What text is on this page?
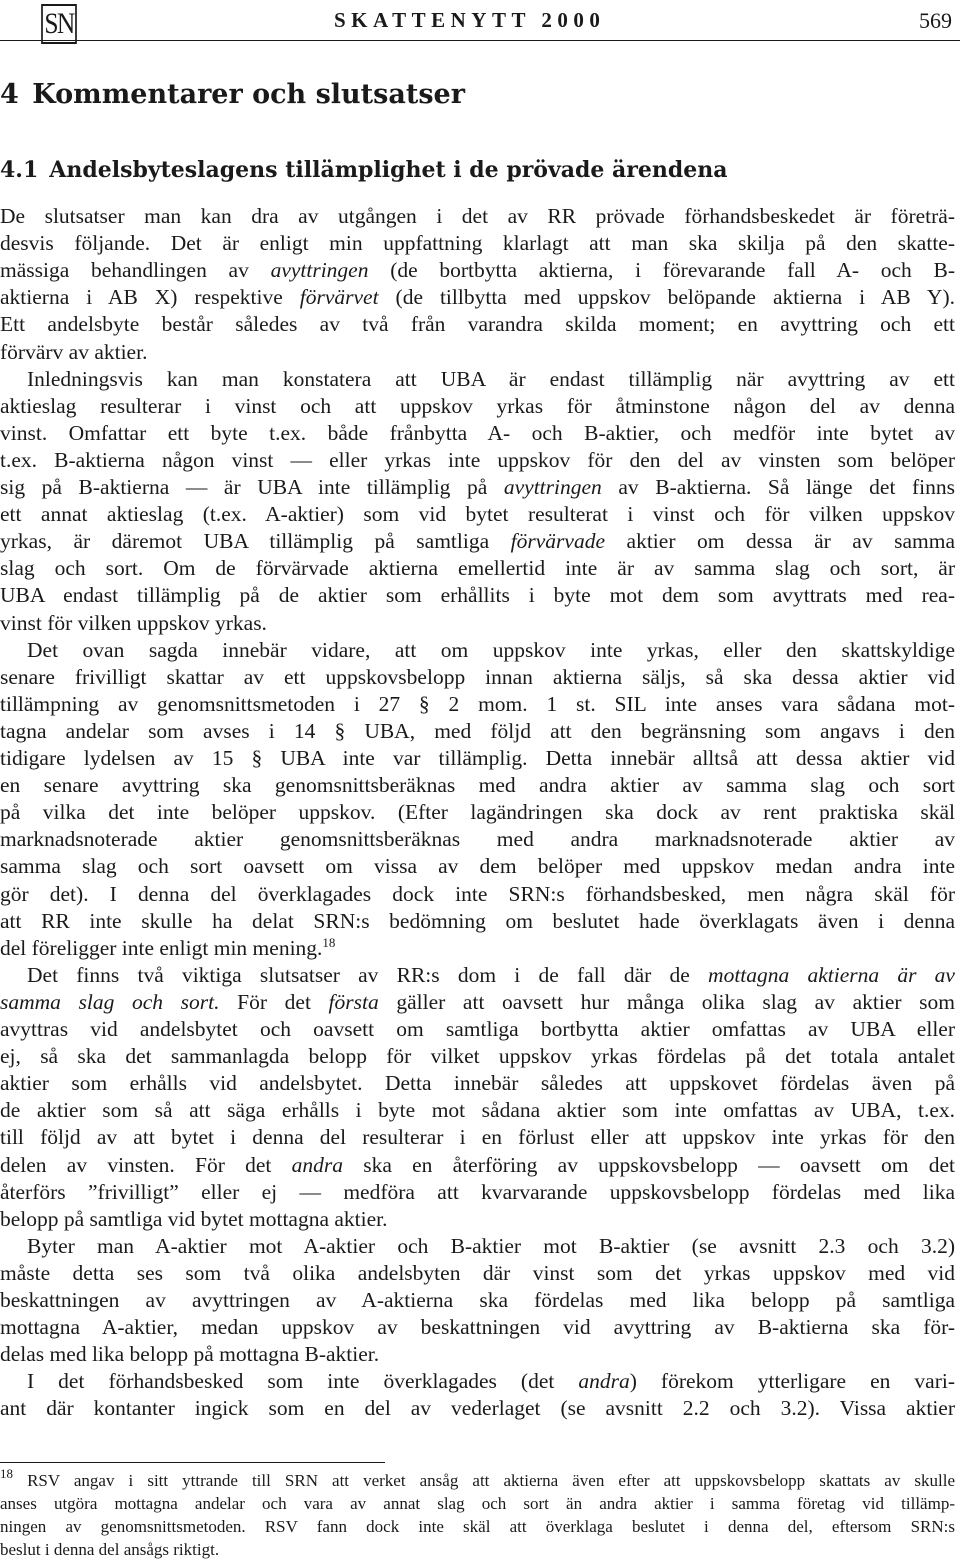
SN	SKATTENYTT 2000	569
4 Kommentarer och slutsatser
4.1 Andelsbyteslagens tillämplighet i de prövade ärendena
De slutsatser man kan dra av utgången i det av RR prövade förhandsbeskedet är företrä-
desvis följande. Det är enligt min uppfattning klarlagt att man ska skilja på den skatte-
mässiga behandlingen av avyttringen (de bortbytta aktierna, i förevarande fall A- och B-
aktierna i AB X) respektive förvärvet (de tillbytta med uppskov belöpande aktierna i AB Y).
Ett andelsbyte består således av två från varandra skilda moment; en avyttring och ett
förvärv av aktier.
Inledningsvis kan man konstatera att UBA är endast tillämplig när avyttring av ett
aktieslag resulterar i vinst och att uppskov yrkas för åtminstone någon del av denna
vinst. Omfattar ett byte t.ex. både frånbytta A- och B-aktier, och medför inte bytet av
t.ex. B-aktierna någon vinst — eller yrkas inte uppskov för den del av vinsten som belöper
sig på B-aktierna — är UBA inte tillämplig på avyttringen av B-aktierna. Så länge det finns
ett annat aktieslag (t.ex. A-aktier) som vid bytet resulterat i vinst och för vilken uppskov
yrkas, är däremot UBA tillämplig på samtliga förvärvade aktier om dessa är av samma
slag och sort. Om de förvärvade aktierna emellertid inte är av samma slag och sort, är
UBA endast tillämplig på de aktier som erhållits i byte mot dem som avyttrats med rea-
vinst för vilken uppskov yrkas.
Det ovan sagda innebär vidare, att om uppskov inte yrkas, eller den skattskyldige
senare frivilligt skattar av ett uppskovsbelopp innan aktierna säljs, så ska dessa aktier vid
tillämpning av genomsnittsmetoden i 27 § 2 mom. 1 st. SIL inte anses vara sådana mot-
tagna andelar som avses i 14 § UBA, med följd att den begränsning som angavs i den
tidigare lydelsen av 15 § UBA inte var tillämplig. Detta innebär alltså att dessa aktier vid
en senare avyttring ska genomsnittsberäknas med andra aktier av samma slag och sort
på vilka det inte belöper uppskov. (Efter lagändringen ska dock av rent praktiska skäl
marknadsnoterade aktier genomsnittsberäknas med andra marknadsnoterade aktier av
samma slag och sort oavsett om vissa av dem belöper med uppskov medan andra inte
gör det). I denna del överklagades dock inte SRN:s förhandsbesked, men några skäl för
att RR inte skulle ha delat SRN:s bedömning om beslutet hade överklagats även i denna
del föreligger inte enligt min mening.$^{18}$
Det finns två viktiga slutsatser av RR:s dom i de fall där de mottagna aktierna är av
samma slag och sort. För det första gäller att oavsett hur många olika slag av aktier som
avyttras vid andelsbytet och oavsett om samtliga bortbytta aktier omfattas av UBA eller
ej, så ska det sammanlagda belopp för vilket uppskov yrkas fördelas på det totala antalet
aktier som erhålls vid andelsbytet. Detta innebär således att uppskovet fördelas även på
de aktier som så att säga erhålls i byte mot sådana aktier som inte omfattas av UBA, t.ex.
till följd av att bytet i denna del resulterar i en förlust eller att uppskov inte yrkas för den
delen av vinsten. För det andra ska en återföring av uppskovsbelopp — oavsett om det
återförs ”frivilligt” eller ej — medföra att kvarvarande uppskovsbelopp fördelas med lika
belopp på samtliga vid bytet mottagna aktier.
Byter man A-aktier mot A-aktier och B-aktier mot B-aktier (se avsnitt 2.3 och 3.2)
måste detta ses som två olika andelsbyten där vinst som det yrkas uppskov med vid
beskattningen av avyttringen av A-aktierna ska fördelas med lika belopp på samtliga
mottagna A-aktier, medan uppskov av beskattningen vid avyttring av B-aktierna ska för-
delas med lika belopp på mottagna B-aktier.
I det förhandsbesked som inte överklagades (det andra) förekom ytterligare en vari-
ant där kontanter ingick som en del av vederlaget (se avsnitt 2.2 och 3.2). Vissa aktier
$^{18}$ RSV angav i sitt yttrande till SRN att verket ansåg att aktierna även efter att uppskovsbelopp skattats av skulle
anses utgöra mottagna andelar och vara av annat slag och sort än andra aktier i samma företag vid tillämp-
ningen av genomsnittsmetoden. RSV fann dock inte skäl att överklaga beslutet i denna del, eftersom SRN:s
beslut i denna del ansågs riktigt.
